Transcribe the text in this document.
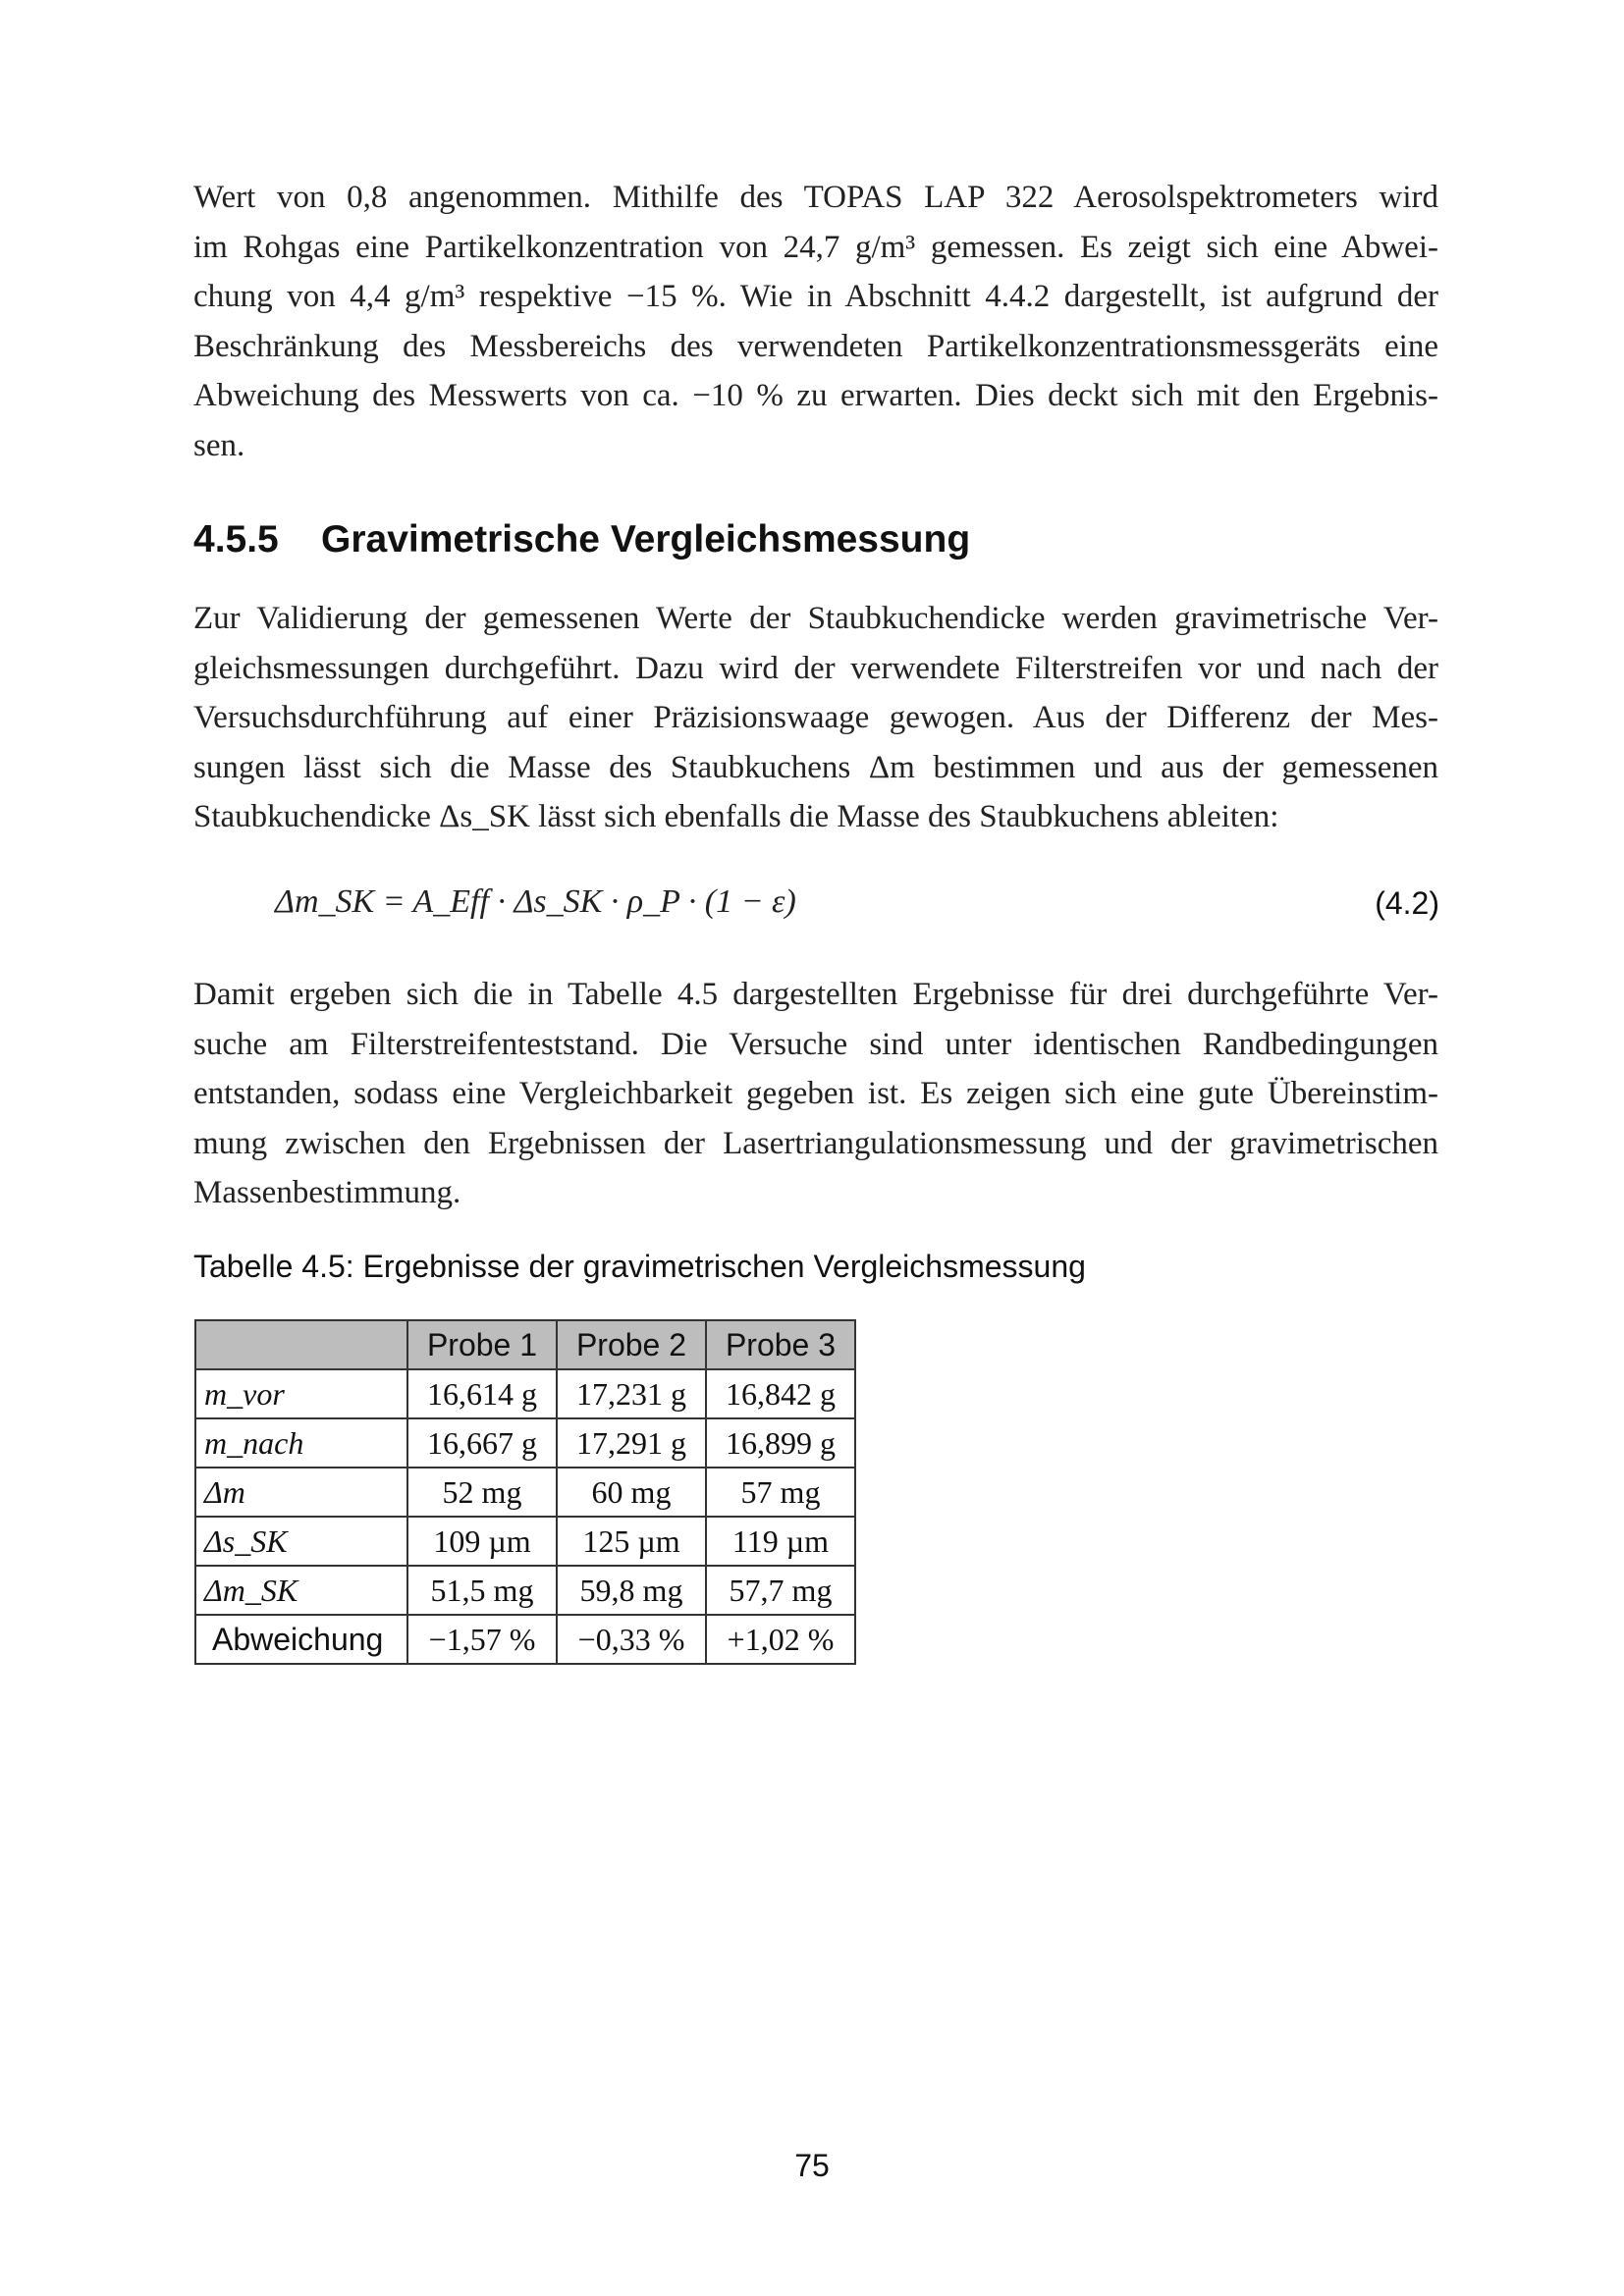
Wert von 0,8 angenommen. Mithilfe des TOPAS LAP 322 Aerosolspektrometers wird
im Rohgas eine Partikelkonzentration von 24,7 g/m³ gemessen. Es zeigt sich eine Abwei-
chung von 4,4 g/m³ respektive −15 %. Wie in Abschnitt 4.4.2 dargestellt, ist aufgrund der
Beschränkung des Messbereichs des verwendeten Partikelkonzentrationsmessgeräts eine
Abweichung des Messwerts von ca. −10 % zu erwarten. Dies deckt sich mit den Ergebnis-
sen.
4.5.5 Gravimetrische Vergleichsmessung
Zur Validierung der gemessenen Werte der Staubkuchendicke werden gravimetrische Ver-
gleichsmessungen durchgeführt. Dazu wird der verwendete Filterstreifen vor und nach der
Versuchsdurchführung auf einer Präzisionswaage gewogen. Aus der Differenz der Mes-
sungen lässt sich die Masse des Staubkuchens Δm bestimmen und aus der gemessenen
Staubkuchendicke Δs_SK lässt sich ebenfalls die Masse des Staubkuchens ableiten:
Δm_SK = A_Eff · Δs_SK · ρ_P · (1 − ε)	(4.2)
Damit ergeben sich die in Tabelle 4.5 dargestellten Ergebnisse für drei durchgeführte Ver-
suche am Filterstreifenteststand. Die Versuche sind unter identischen Randbedingungen
entstanden, sodass eine Vergleichbarkeit gegeben ist. Es zeigen sich eine gute Übereinstim-
mung zwischen den Ergebnissen der Lasertriangulationsmessung und der gravimetrischen
Massenbestimmung.
Tabelle 4.5: Ergebnisse der gravimetrischen Vergleichsmessung
	Probe 1	Probe 2	Probe 3
m_vor	16,614 g	17,231 g	16,842 g
m_nach	16,667 g	17,291 g	16,899 g
Δm	52 mg	60 mg	57 mg
Δs_SK	109 µm	125 µm	119 µm
Δm_SK	51,5 mg	59,8 mg	57,7 mg
Abweichung	−1,57 %	−0,33 %	+1,02 %
75
